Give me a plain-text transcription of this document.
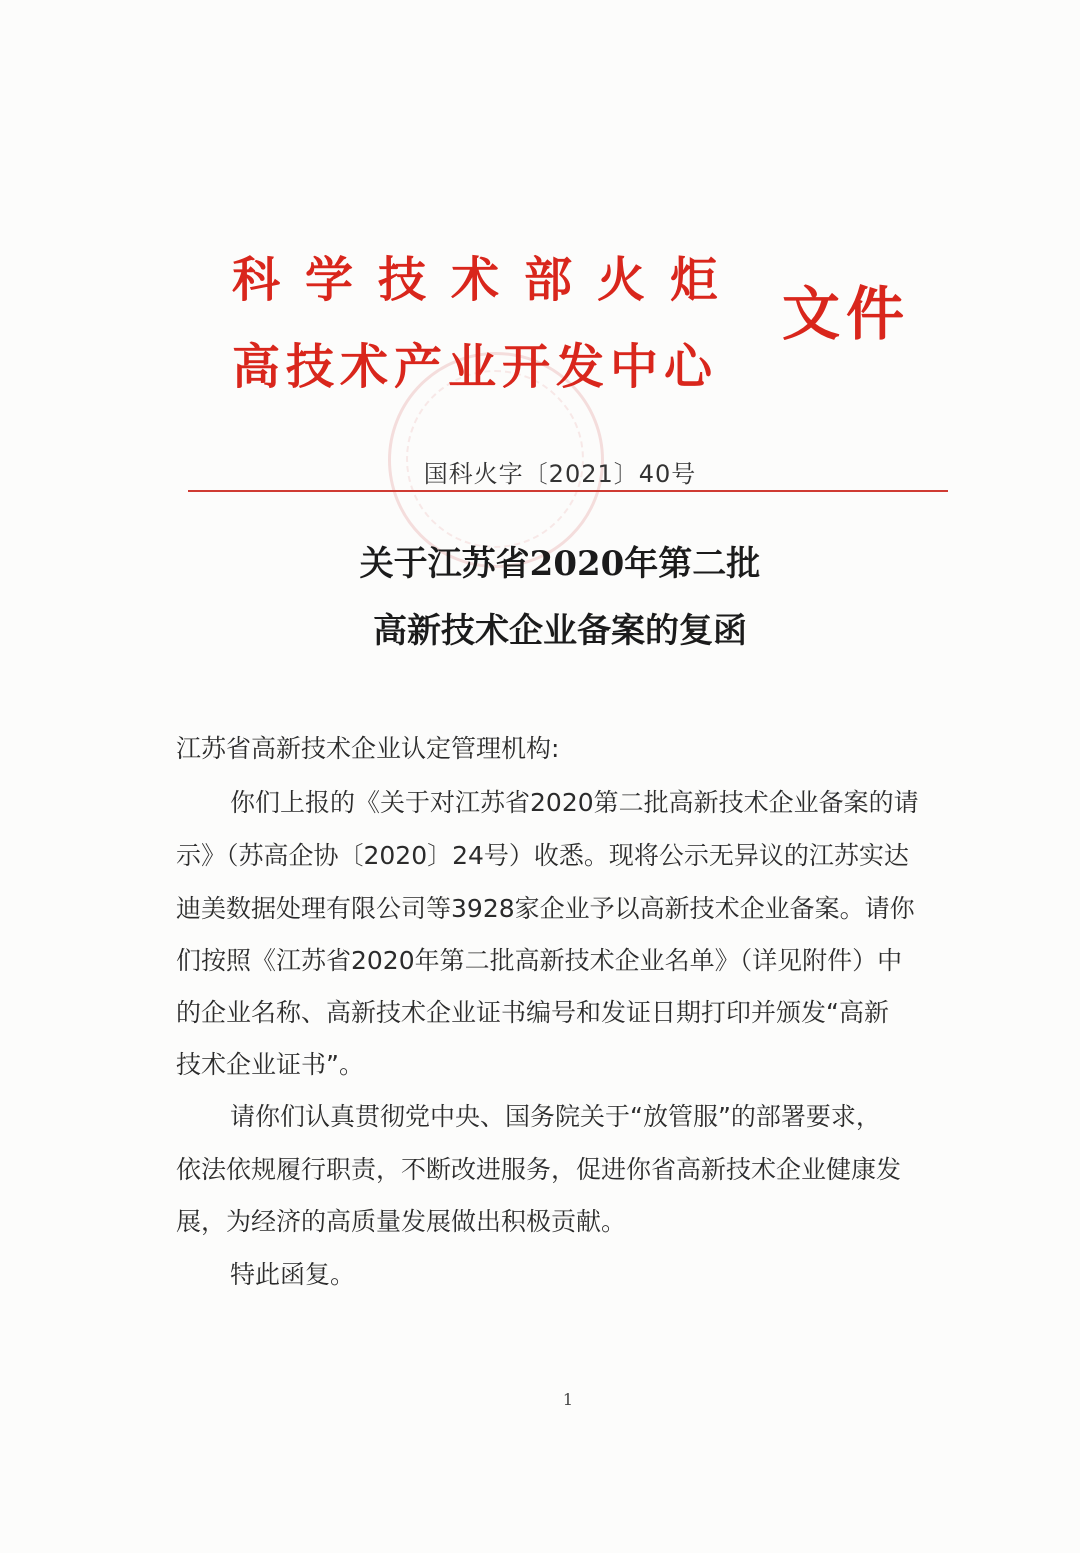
科学技术部火炬
高技术产业开发中心
文件
国科火字〔2021〕40号
关于江苏省2020年第二批
高新技术企业备案的复函
江苏省高新技术企业认定管理机构:
你们上报的《关于对江苏省2020第二批高新技术企业备案的请
示》（苏高企协〔2020〕24号）收悉。现将公示无异议的江苏实达
迪美数据处理有限公司等3928家企业予以高新技术企业备案。请你
们按照《江苏省2020年第二批高新技术企业名单》（详见附件）中
的企业名称、高新技术企业证书编号和发证日期打印并颁发“高新
技术企业证书”。
请你们认真贯彻党中央、国务院关于“放管服”的部署要求，
依法依规履行职责，不断改进服务，促进你省高新技术企业健康发
展，为经济的高质量发展做出积极贡献。
特此函复。
1
